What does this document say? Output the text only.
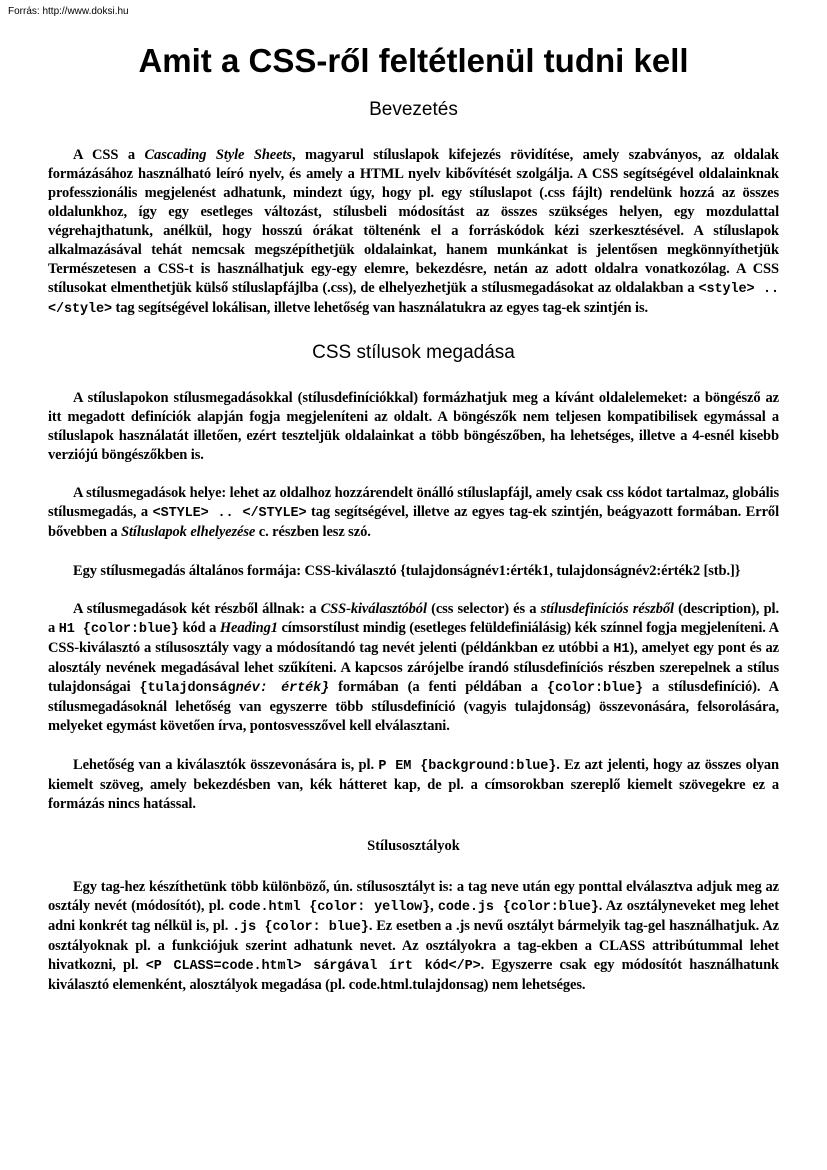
Forrás: http://www.doksi.hu
Amit a CSS-ről feltétlenül tudni kell
Bevezetés

A CSS a Cascading Style Sheets, magyarul stíluslapok kifejezés rövidítése, amely szabványos, az oldalak formázásához használható leíró nyelv, és amely a HTML nyelv kibővítését szolgálja. A CSS segítségével oldalainknak professzionális megjelenést adhatunk, mindezt úgy, hogy pl. egy stíluslapot (.css fájlt) rendelünk hozzá az összes oldalunkhoz, így egy esetleges változást, stílusbeli módosítást az összes szükséges helyen, egy mozdulattal végrehajthatunk, anélkül, hogy hosszú órákat töltenénk el a forráskódok kézi szerkesztésével. A stíluslapok alkalmazásával tehát nemcsak megszépíthetjük oldalainkat, hanem munkánkat is jelentősen megkönnyíthetjük Természetesen a CSS-t is használhatjuk egy-egy elemre, bekezdésre, netán az adott oldalra vonatkozólag. A CSS stílusokat elmenthetjük külső stíluslapfájlba (.css), de elhelyezhetjük a stílusmegadásokat az oldalakban a <style> ..</style> tag segítségével lokálisan, illetve lehetőség van használatukra az egyes tag-ek szintjén is.

CSS stílusok megadása

A stíluslapokon stílusmegadásokkal (stílusdefiníciókkal) formázhatjuk meg a kívánt oldalelemeket: a böngésző az itt megadott definíciók alapján fogja megjeleníteni az oldalt. A böngészők nem teljesen kompatibilisek egymással a stíluslapok használatát illetően, ezért teszteljük oldalainkat a több böngészőben, ha lehetséges, illetve a 4-esnél kisebb verziójú böngészőkben is.

A stílusmegadások helye: lehet az oldalhoz hozzárendelt önálló stíluslapfájl, amely csak css kódot tartalmaz, globális stílusmegadás, a <STYLE> .. </STYLE> tag segítségével, illetve az egyes tag-ek szintjén, beágyazott formában. Erről bővebben a Stíluslapok elhelyezése c. részben lesz szó.

Egy stílusmegadás általános formája: CSS-kiválasztó {tulajdonságnév1:érték1, tulajdonságnév2:érték2 [stb.]}

A stílusmegadások két részből állnak: a CSS-kiválasztóból (css selector) és a stílusdefiníciós részből (description), pl. a H1 {color:blue} kód a Heading1 címsorstílust mindig (esetleges felüldefiniálásig) kék színnel fogja megjeleníteni. A CSS-kiválasztó a stílusosztály vagy a módosítandó tag nevét jelenti (példánkban ez utóbbi a H1), amelyet egy pont és az alosztály nevének megadásával lehet szűkíteni. A kapcsos zárójelbe írandó stílusdefiníciós részben szerepelnek a stílus tulajdonságai {tulajdonságnév: érték} formában (a fenti példában a {color:blue} a stílusdefiníció). A stílusmegadásoknál lehetőség van egyszerre több stílusdefiníció (vagyis tulajdonság) összevonására, felsorolására, melyeket egymást követően írva, pontosvesszővel kell elválasztani.

Lehetőség van a kiválasztók összevonására is, pl. P EM {background:blue}. Ez azt jelenti, hogy az összes olyan kiemelt szöveg, amely bekezdésben van, kék hátteret kap, de pl. a címsorokban szereplő kiemelt szövegekre ez a formázás nincs hatással.

Stílusosztályok

Egy tag-hez készíthetünk több különböző, ún. stílusosztályt is: a tag neve után egy ponttal elválasztva adjuk meg az osztály nevét (módosítót), pl. code.html {color: yellow}, code.js {color:blue}. Az osztályneveket meg lehet adni konkrét tag nélkül is, pl. .js {color: blue}. Ez esetben a .js nevű osztályt bármelyik tag-gel használhatjuk. Az osztályoknak pl. a funkciójuk szerint adhatunk nevet. Az osztályokra a tag-ekben a CLASS attribútummal lehet hivatkozni, pl. <P CLASS=code.html> sárgával írt kód</P>. Egyszerre csak egy módosítót használhatunk kiválasztó elemenként, alosztályok megadása (pl. code.html.tulajdonsag) nem lehetséges.
